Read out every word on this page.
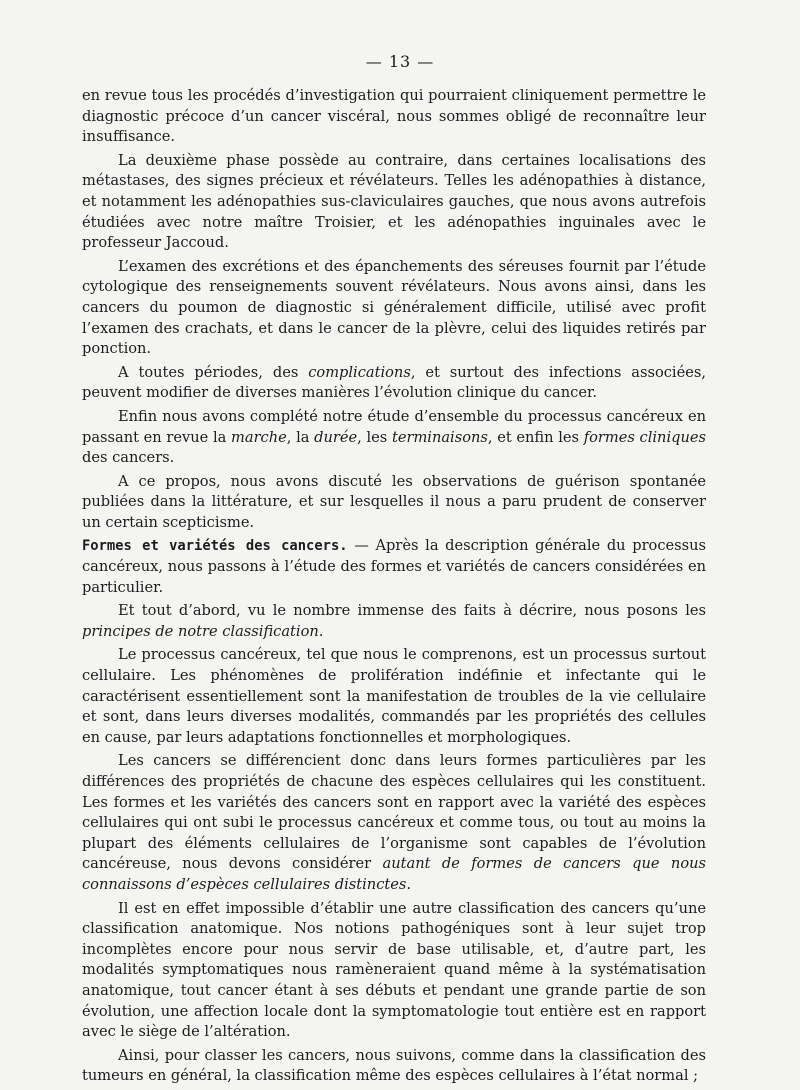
— 13 —

en revue tous les procédés d’investigation qui pourraient cliniquement permettre le diagnostic précoce d’un cancer viscéral, nous sommes obligé de reconnaître leur insuffisance.

La deuxième phase possède au contraire, dans certaines localisations des métastases, des signes précieux et révélateurs. Telles les adénopathies à distance, et notamment les adénopathies sus-claviculaires gauches, que nous avons autrefois étudiées avec notre maître Troisier, et les adénopathies inguinales avec le professeur Jaccoud.

L’examen des excrétions et des épanchements des séreuses fournit par l’étude cytologique des renseignements souvent révélateurs. Nous avons ainsi, dans les cancers du poumon de diagnostic si généralement difficile, utilisé avec profit l’examen des crachats, et dans le cancer de la plèvre, celui des liquides retirés par ponction.

A toutes périodes, des complications, et surtout des infections associées, peuvent modifier de diverses manières l’évolution clinique du cancer.

Enfin nous avons complété notre étude d’ensemble du processus cancéreux en passant en revue la marche, la durée, les terminaisons, et enfin les formes cliniques des cancers.

A ce propos, nous avons discuté les observations de guérison spontanée publiées dans la littérature, et sur lesquelles il nous a paru prudent de conserver un certain scepticisme.

Formes et variétés des cancers. — Après la description générale du processus cancéreux, nous passons à l’étude des formes et variétés de cancers considérées en particulier.

Et tout d’abord, vu le nombre immense des faits à décrire, nous posons les principes de notre classification.

Le processus cancéreux, tel que nous le comprenons, est un processus surtout cellulaire. Les phénomènes de prolifération indéfinie et infectante qui le caractérisent essentiellement sont la manifestation de troubles de la vie cellulaire et sont, dans leurs diverses modalités, commandés par les propriétés des cellules en cause, par leurs adaptations fonctionnelles et morphologiques.

Les cancers se différencient donc dans leurs formes particulières par les différences des propriétés de chacune des espèces cellulaires qui les constituent. Les formes et les variétés des cancers sont en rapport avec la variété des espèces cellulaires qui ont subi le processus cancéreux et comme tous, ou tout au moins la plupart des éléments cellulaires de l’organisme sont capables de l’évolution cancéreuse, nous devons considérer autant de formes de cancers que nous connaissons d’espèces cellulaires distinctes.

Il est en effet impossible d’établir une autre classification des cancers qu’une classification anatomique. Nos notions pathogéniques sont à leur sujet trop incomplètes encore pour nous servir de base utilisable, et, d’autre part, les modalités symptomatiques nous ramèneraient quand même à la systématisation anatomique, tout cancer étant à ses débuts et pendant une grande partie de son évolution, une affection locale dont la symptomatologie tout entière est en rapport avec le siège de l’altération.

Ainsi, pour classer les cancers, nous suivons, comme dans la classification des tumeurs en général, la classification même des espèces cellulaires à l’état normal ;
